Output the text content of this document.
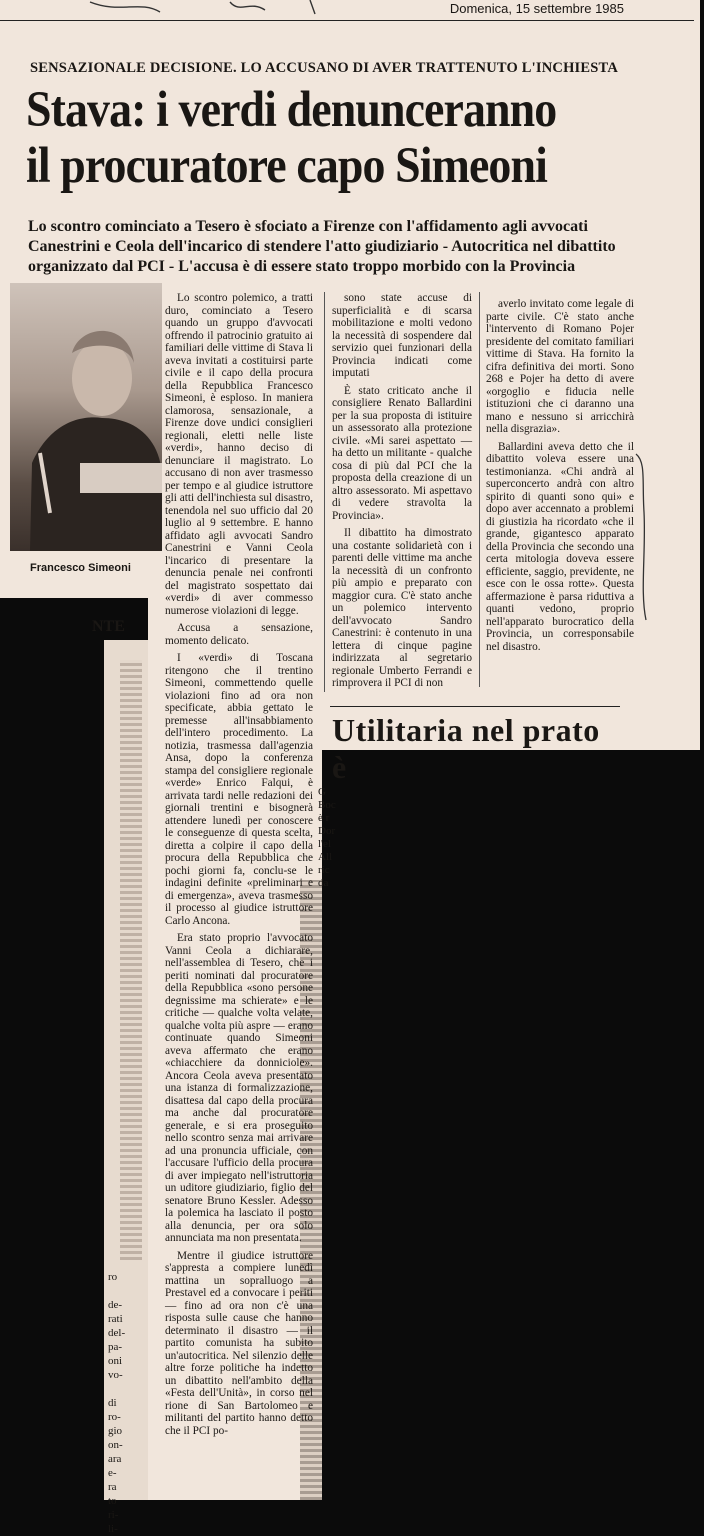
Domenica, 15 settembre 1985
SENSAZIONALE DECISIONE. LO ACCUSANO DI AVER TRATTENUTO L'INCHIESTA
Stava: i verdi denunceranno
il procuratore capo Simeoni
Lo scontro cominciato a Tesero è sfociato a Firenze con l'affidamento agli avvocati Canestrini e Ceola dell'incarico di stendere l'atto giudiziario - Autocritica nel dibattito organizzato dal PCI - L'accusa è di essere stato troppo morbido con la Provincia
Francesco Simeoni

Lo scontro polemico, a tratti duro, cominciato a Tesero quando un gruppo d'avvocati offrendo il patrocinio gratuito ai familiari delle vittime di Stava li aveva invitati a costituirsi parte civile e il capo della procura della Repubblica Francesco Simeoni, è esploso. In maniera clamorosa, sensazionale, a Firenze dove undici consiglieri regionali, eletti nelle liste «verdi», hanno deciso di denunciare il magistrato. Lo accusano di non aver trasmesso per tempo e al giudice istruttore gli atti dell'inchiesta sul disastro, tenendola nel suo ufficio dal 20 luglio al 9 settembre. E hanno affidato agli avvocati Sandro Canestrini e Vanni Ceola l'incarico di presentare la denuncia penale nei confronti del magistrato sospettato dai «verdi» di aver commesso numerose violazioni di legge.

Accusa a sensazione, momento delicato.

I «verdi» di Toscana ritengono che il trentino Simeoni, commettendo quelle violazioni fino ad ora non specificate, abbia gettato le premesse all'insabbiamento dell'intero procedimento. La notizia, trasmessa dall'agenzia Ansa, dopo la conferenza stampa del consigliere regionale «verde» Enrico Falqui, è arrivata tardi nelle redazioni dei giornali trentini e bisognerà attendere lunedì per conoscere le conseguenze di questa scelta, diretta a colpire il capo della procura della Repubblica che pochi giorni fa, conclu-se le indagini definite «preliminari e di emergenza», aveva trasmesso il processo al giudice istruttore Carlo Ancona.

Era stato proprio l'avvocato Vanni Ceola a dichiarare, nell'assemblea di Tesero, che i periti nominati dal procuratore della Repubblica «sono persone degnissime ma schierate» e le critiche — qualche volta velate, qualche volta più aspre — erano continuate quando Simeoni aveva affermato che erano «chiacchiere da donniciole». Ancora Ceola aveva presentato una istanza di formalizzazione, disattesa dal capo della procura ma anche dal procuratore generale, e si era proseguito nello scontro senza mai arrivare ad una pronuncia ufficiale, con l'accusare l'ufficio della procura di aver impiegato nell'istruttoria un uditore giudiziario, figlio del senatore Bruno Kessler. Adesso la polemica ha lasciato il posto alla denuncia, per ora solo annunciata ma non presentata.

Mentre il giudice istruttore s'appresta a compiere lunedì mattina un sopralluogo a Prestavel ed a convocare i periti — fino ad ora non c'è una risposta sulle cause che hanno determinato il disastro — il partito comunista ha subito un'autocritica. Nel silenzio delle altre forze politiche ha indetto un dibattito nell'ambito della «Festa dell'Unità», in corso nel rione di San Bartolomeo e militanti del partito hanno detto che il PCI po-

sono state accuse di superficialità e di scarsa mobilitazione e molti vedono la necessità di sospendere dal servizio quei funzionari della Provincia indicati come imputati

È stato criticato anche il consigliere Renato Ballardini per la sua proposta di istituire un assessorato alla protezione civile. «Mi sarei aspettato — ha detto un militante - qualche cosa di più dal PCI che la proposta della creazione di un altro assessorato. Mi aspettavo di vedere stravolta la Provincia».

Il dibattito ha dimostrato una costante solidarietà con i parenti delle vittime ma anche la necessità di un confronto più ampio e preparato con maggior cura. C'è stato anche un polemico intervento dell'avvocato Sandro Canestrini: è contenuto in una lettera di cinque pagine indirizzata al segretario regionale Umberto Ferrandi e rimprovera il PCI di non

averlo invitato come legale di parte civile. C'è stato anche l'intervento di Romano Pojer presidente del comitato familiari vittime di Stava. Ha fornito la cifra definitiva dei morti. Sono 268 e Pojer ha detto di avere «orgoglio e fiducia nelle istituzioni che ci daranno una mano e nessuno si arricchirà nella disgrazia».

Ballardini aveva detto che il dibattito voleva essere una testimonianza. «Chi andrà al superconcerto andrà con altro spirito di quanti sono qui» e dopo aver accennato a problemi di giustizia ha ricordato «che il grande, gigantesco apparato della Provincia che secondo una certa mitologia doveva essere efficiente, saggio, previdente, ne esce con le ossa rotte». Questa affermazione è parsa riduttiva a quanti vedono, proprio nell'apparato burocratico della Provincia, un corresponsabile nel disastro.

Utilitaria nel prato
è
G
Boc
è r
Dor
l'el
All
ric
da
NTE
ro

de-
rati
del-
pa-
oni
vo-

di
ro-
gio
on-
ara
e-
ra
to
ri-
li-
